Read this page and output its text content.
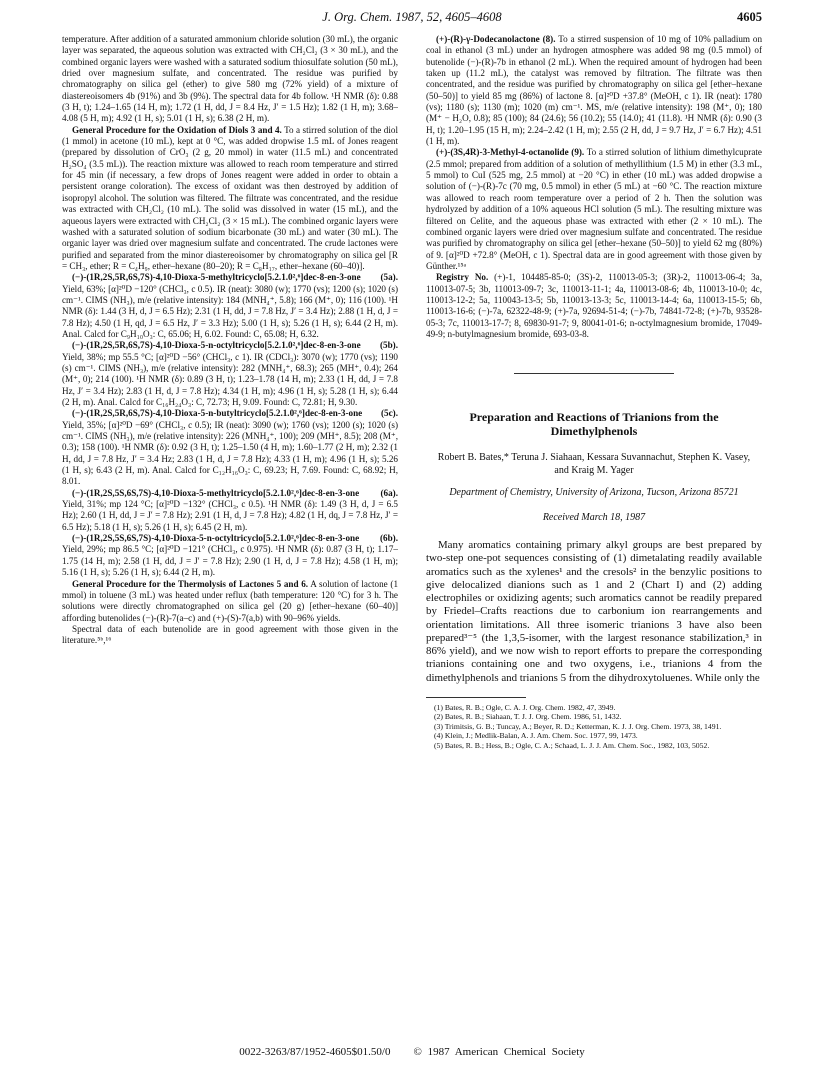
J. Org. Chem. 1987, 52, 4605–4608	4605

temperature. After addition of a saturated ammonium chloride solution (30 mL), the organic layer was separated, the aqueous solution was extracted with CH₂Cl₂ (3 × 30 mL), and the combined organic layers were washed with a saturated sodium thiosulfate solution (50 mL), dried over magnesium sulfate, and concentrated. The residue was purified by chromatography on silica gel (ether) to give 580 mg (72% yield) of a mixture of diastereoisomers 4b (91%) and 3b (9%). The spectral data for 4b follow. ¹H NMR (δ): 0.88 (3 H, t); 1.24–1.65 (14 H, m); 1.72 (1 H, dd, J = 8.4 Hz, J′ = 1.5 Hz); 1.82 (1 H, m); 3.68–4.08 (5 H, m); 4.92 (1 H, s); 5.01 (1 H, s); 6.38 (2 H, m).

General Procedure for the Oxidation of Diols 3 and 4. To a stirred solution of the diol (1 mmol) in acetone (10 mL), kept at 0 °C, was added dropwise 1.5 mL of Jones reagent (prepared by dissolution of CrO₃ (2 g, 20 mmol) in water (11.5 mL) and concentrated H₂SO₄ (3.5 mL)). The reaction mixture was allowed to reach room temperature and stirred for 45 min (if necessary, a few drops of Jones reagent were added in order to obtain a persistent orange coloration). The excess of oxidant was then destroyed by addition of isopropyl alcohol. The solution was filtered. The filtrate was concentrated, and the residue was extracted with CH₂Cl₂ (10 mL). The solid was dissolved in water (15 mL), and the aqueous layers were extracted with CH₂Cl₂ (3 × 15 mL). The combined organic layers were washed with a saturated solution of sodium bicarbonate (30 mL) and water (30 mL). The organic layer was dried over magnesium sulfate and concentrated. The crude lactones were purified and separated from the minor diastereoisomer by chromatography on silica gel [R = CH₃, ether; R = C₄H₉, ether–hexane (80–20); R = C₈H₁₇, ether–hexane (60–40)].

(−)-(1R,2S,5R,6S,7S)-4,10-Dioxa-5-methyltricyclo[5.2.1.0²,⁶]dec-8-en-3-one (5a). Yield, 63%; [α]²⁰D −120° (CHCl₃, c 0.5). IR (neat): 3080 (w); 1770 (vs); 1200 (s); 1020 (s) cm⁻¹. CIMS (NH₃), m/e (relative intensity): 184 (MNH₄⁺, 5.8); 166 (M⁺, 0); 116 (100). ¹H NMR (δ): 1.44 (3 H, d, J = 6.5 Hz); 2.31 (1 H, dd, J = 7.8 Hz, J′ = 3.4 Hz); 2.88 (1 H, d, J = 7.8 Hz); 4.50 (1 H, qd, J = 6.5 Hz, J′ = 3.3 Hz); 5.00 (1 H, s); 5.26 (1 H, s); 6.44 (2 H, m). Anal. Calcd for C₉H₁₀O₃: C, 65.06; H, 6.02. Found: C, 65.08; H, 6.32.

(−)-(1R,2S,5R,6S,7S)-4,10-Dioxa-5-n-octyltricyclo[5.2.1.0²,⁶]dec-8-en-3-one (5b). Yield, 38%; mp 55.5 °C; [α]²⁰D −56° (CHCl₃, c 1). IR (CDCl₃): 3070 (w); 1770 (vs); 1190 (s) cm⁻¹. CIMS (NH₃), m/e (relative intensity): 282 (MNH₄⁺, 68.3); 265 (MH⁺, 0.4); 264 (M⁺, 0); 214 (100). ¹H NMR (δ): 0.89 (3 H, t); 1.23–1.78 (14 H, m); 2.33 (1 H, dd, J = 7.8 Hz, J′ = 3.4 Hz); 2.83 (1 H, d, J = 7.8 Hz); 4.34 (1 H, m); 4.96 (1 H, s); 5.28 (1 H, s); 6.44 (2 H, m). Anal. Calcd for C₁₆H₂₄O₃: C, 72.73; H, 9.09. Found: C, 72.81; H, 9.30.

(−)-(1R,2S,5R,6S,7S)-4,10-Dioxa-5-n-butyltricyclo[5.2.1.0²,⁶]dec-8-en-3-one (5c). Yield, 35%; [α]²⁰D −69° (CHCl₃, c 0.5); IR (neat): 3090 (w); 1760 (vs); 1200 (s); 1020 (s) cm⁻¹. CIMS (NH₃), m/e (relative intensity): 226 (MNH₄⁺, 100); 209 (MH⁺, 8.5); 208 (M⁺, 0.3); 158 (100). ¹H NMR (δ): 0.92 (3 H, t); 1.25–1.50 (4 H, m); 1.60–1.77 (2 H, m); 2.32 (1 H, dd, J = 7.8 Hz, J′ = 3.4 Hz; 2.83 (1 H, d, J = 7.8 Hz); 4.33 (1 H, m); 4.96 (1 H, s); 5.26 (1 H, s); 6.43 (2 H, m). Anal. Calcd for C₁₂H₁₆O₃: C, 69.23; H, 7.69. Found: C, 68.92; H, 8.01.

(−)-(1R,2S,5S,6S,7S)-4,10-Dioxa-5-methyltricyclo[5.2.1.0²,⁶]dec-8-en-3-one (6a). Yield, 31%; mp 124 °C; [α]²⁰D −132° (CHCl₃, c 0.5). ¹H NMR (δ): 1.49 (3 H, d, J = 6.5 Hz); 2.60 (1 H, dd, J = J′ = 7.8 Hz); 2.91 (1 H, d, J = 7.8 Hz); 4.82 (1 H, dq, J = 7.8 Hz, J′ = 6.5 Hz); 5.18 (1 H, s); 5.26 (1 H, s); 6.45 (2 H, m).

(−)-(1R,2S,5S,6S,7S)-4,10-Dioxa-5-n-octyltricyclo[5.2.1.0²,⁶]dec-8-en-3-one (6b). Yield, 29%; mp 86.5 °C; [α]²⁰D −121° (CHCl₃, c 0.975). ¹H NMR (δ): 0.87 (3 H, t); 1.17–1.75 (14 H, m); 2.58 (1 H, dd, J = J′ = 7.8 Hz); 2.90 (1 H, d, J = 7.8 Hz); 4.58 (1 H, m); 5.16 (1 H, s); 5.26 (1 H, s); 6.44 (2 H, m).

General Procedure for the Thermolysis of Lactones 5 and 6. A solution of lactone (1 mmol) in toluene (3 mL) was heated under reflux (bath temperature: 120 °C) for 3 h. The solutions were directly chromatographed on silica gel (20 g) [ether–hexane (60–40)] affording butenolides (−)-(R)-7(a–c) and (+)-(S)-7(a,b) with 90–96% yields.

Spectral data of each butenolide are in good agreement with those given in the literature.⁵ᵇ,¹⁶

(+)-(R)-γ-Dodecanolactone (8). To a stirred suspension of 10 mg of 10% palladium on coal in ethanol (3 mL) under an hydrogen atmosphere was added 98 mg (0.5 mmol) of butenolide (−)-(R)-7b in ethanol (2 mL). When the required amount of hydrogen had been taken up (11.2 mL), the catalyst was removed by filtration. The filtrate was then concentrated, and the residue was purified by chromatography on silica gel [ether–hexane (50–50)] to yield 85 mg (86%) of lactone 8. [α]²⁰D +37.8° (MeOH, c 1). IR (neat): 1780 (vs); 1180 (s); 1130 (m); 1020 (m) cm⁻¹. MS, m/e (relative intensity): 198 (M⁺, 0); 180 (M⁺ − H₂O, 0.8); 85 (100); 84 (24.6); 56 (10.2); 55 (14.0); 41 (11.8). ¹H NMR (δ): 0.90 (3 H, t); 1.20–1.95 (15 H, m); 2.24–2.42 (1 H, m); 2.55 (2 H, dd, J = 9.7 Hz, J′ = 6.7 Hz); 4.51 (1 H, m).

(+)-(3S,4R)-3-Methyl-4-octanolide (9). To a stirred solution of lithium dimethylcuprate (2.5 mmol; prepared from addition of a solution of methyllithium (1.5 M) in ether (3.3 mL, 5 mmol) to CuI (525 mg, 2.5 mmol) at −20 °C) in ether (10 mL) was added dropwise a solution of (−)-(R)-7c (70 mg, 0.5 mmol) in ether (5 mL) at −60 °C. The reaction mixture was allowed to reach room temperature over a period of 2 h. Then the solution was hydrolyzed by addition of a 10% aqueous HCl solution (5 mL). The resulting mixture was filtered on Celite, and the aqueous phase was extracted with ether (2 × 10 mL). The combined organic layers were dried over magnesium sulfate and concentrated. The residue was purified by chromatography on silica gel [ether–hexane (50–50)] to yield 62 mg (80%) of 9. [α]²⁰D +72.8° (MeOH, c 1). Spectral data are in good agreement with those given by Günther.¹⁵ᵃ

Registry No. (+)-1, 104485-85-0; (3S)-2, 110013-05-3; (3R)-2, 110013-06-4; 3a, 110013-07-5; 3b, 110013-09-7; 3c, 110013-11-1; 4a, 110013-08-6; 4b, 110013-10-0; 4c, 110013-12-2; 5a, 110043-13-5; 5b, 110013-13-3; 5c, 110013-14-4; 6a, 110013-15-5; 6b, 110013-16-6; (−)-7a, 62322-48-9; (+)-7a, 92694-51-4; (−)-7b, 74841-72-8; (+)-7b, 93528-05-3; 7c, 110013-17-7; 8, 69830-91-7; 9, 80041-01-6; n-octylmagnesium bromide, 17049-49-9; n-butylmagnesium bromide, 693-03-8.

Preparation and Reactions of Trianions from the Dimethylphenols
Robert B. Bates,* Teruna J. Siahaan, Kessara Suvannachut, Stephen K. Vasey, and Kraig M. Yager
Department of Chemistry, University of Arizona, Tucson, Arizona 85721
Received March 18, 1987

Many aromatics containing primary alkyl groups are best prepared by two-step one-pot sequences consisting of (1) dimetalating readily available aromatics such as the xylenes¹ and the cresols² in the benzylic positions to give delocalized dianions such as 1 and 2 (Chart I) and (2) adding electrophiles or oxidizing agents; such aromatics cannot be readily prepared by Friedel–Crafts reactions due to carbonium ion rearrangements and orientation limitations. All three isomeric trianions 3 have also been prepared³⁻⁵ (the 1,3,5-isomer, with the largest resonance stabilization,³ in 86% yield), and we now wish to report efforts to prepare the corresponding trianions containing one and two oxygens, i.e., trianions 4 from the dimethylphenols and trianions 5 from the dihydroxytoluenes. While only the

(1) Bates, R. B.; Ogle, C. A. J. Org. Chem. 1982, 47, 3949.

(2) Bates, R. B.; Siahaan, T. J. J. Org. Chem. 1986, 51, 1432.

(3) Trimitsis, G. B.; Tuncay, A.; Beyer, R. D.; Ketterman, K. J. J. Org. Chem. 1973, 38, 1491.

(4) Klein, J.; Medlik-Balan, A. J. Am. Chem. Soc. 1977, 99, 1473.

(5) Bates, R. B.; Hess, B.; Ogle, C. A.; Schaad, L. J. J. Am. Chem. Soc., 1982, 103, 5052.

0022-3263/87/1952-4605$01.50/0 © 1987 American Chemical Society
